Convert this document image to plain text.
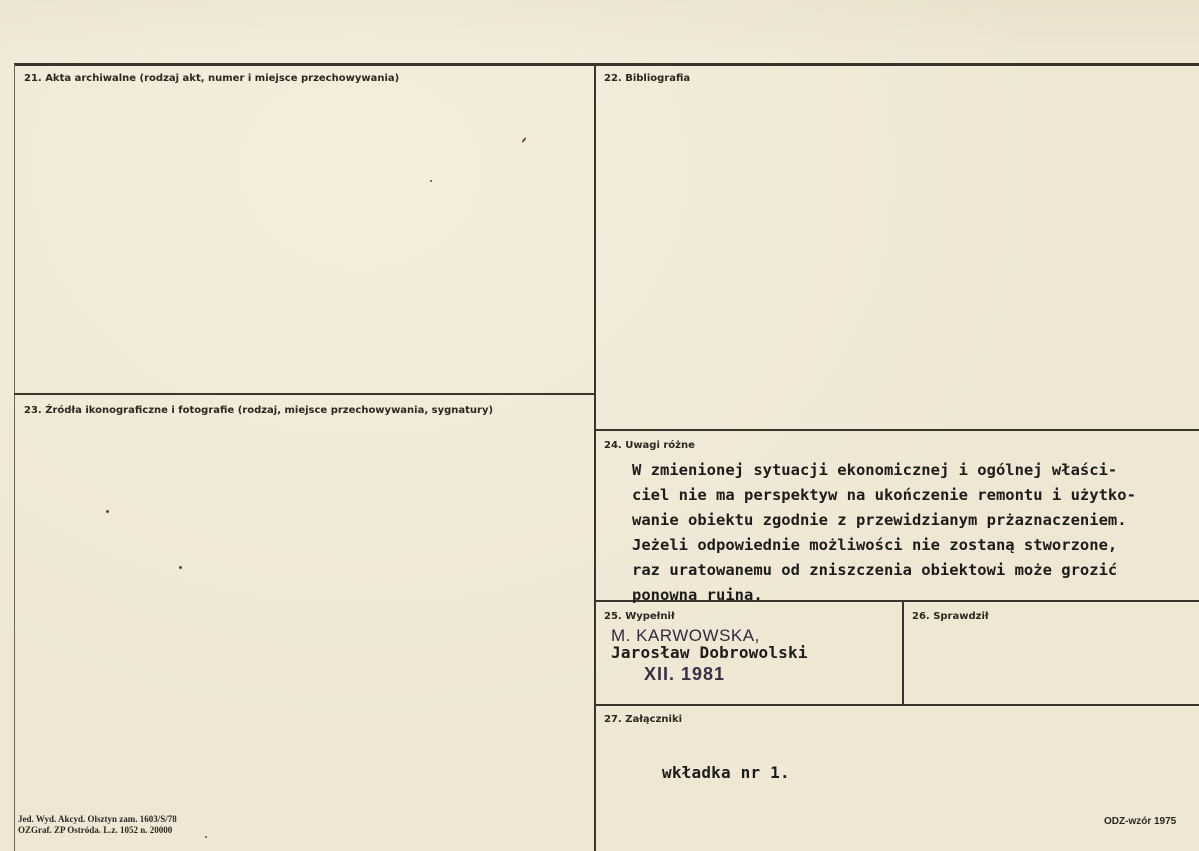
21. Akta archiwalne (rodzaj akt, numer i miejsce przechowywania)	22. Bibliografia
23. Źródła ikonograficzne i fotografie (rodzaj, miejsce przechowywania, sygnatury)
24. Uwagi różne
25. Wypełnił	26. Sprawdził
27. Załączniki
W zmienionej sytuacji ekonomicznej i ogólnej właści-
ciel nie ma perspektyw na ukończenie remontu i użytko-
wanie obiektu zgodnie z przewidzianym prżaznaczeniem.
Jeżeli odpowiednie możliwości nie zostaną stworzone,
raz uratowanemu od zniszczenia obiektowi może grozić
ponowna ruina.
M. KARWOWSKA,
Jarosław Dobrowolski
XII. 1981
wkładka nr 1.
Jed. Wyd. Akcyd. Olsztyn zam. 1603/S/78
OZGraf. ZP Ostróda. L.z. 1052 n. 20000
ODZ-wzór 1975
